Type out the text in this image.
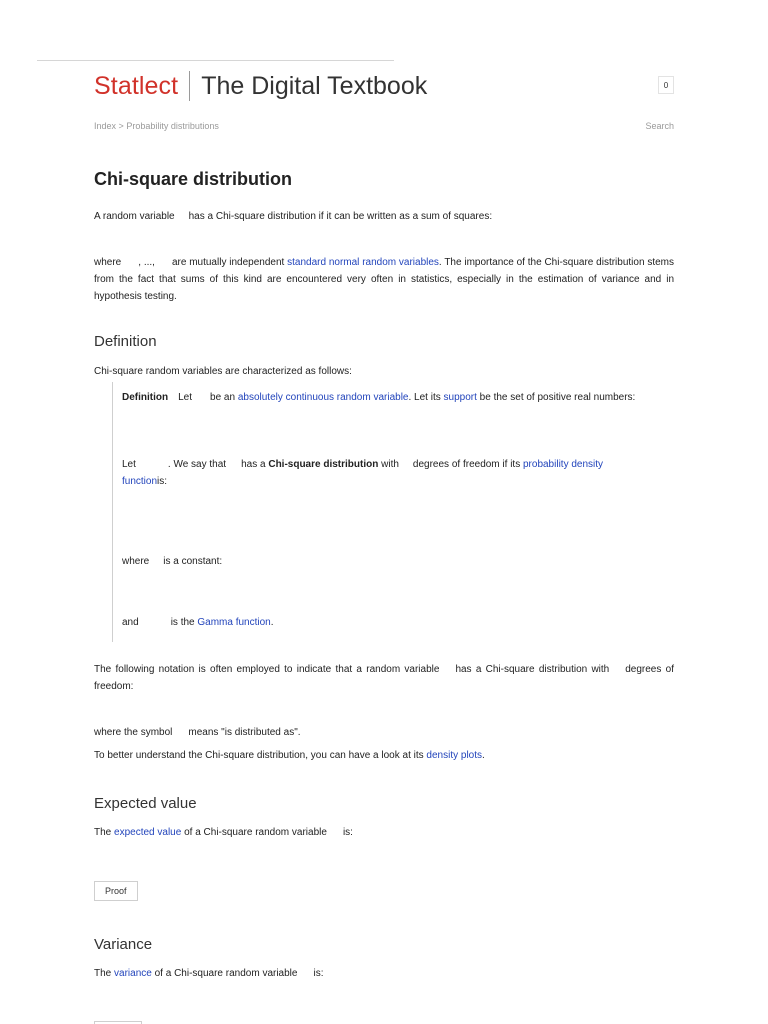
Statlect The Digital Textbook	0
Index > Probability distributions	Search
Chi-square distribution

A random variable has a Chi-square distribution if it can be written as a sum of squares:

where , ..., are mutually independent standard normal random variables. The importance of the Chi-square distribution stems from the fact that sums of this kind are encountered very often in statistics, especially in the estimation of variance and in hypothesis testing.

Definition

Chi-square random variables are characterized as follows:

Definition Let be an absolutely continuous random variable. Let its support be the set of positive real numbers:

Let	. We say that has a Chi-square distribution with degrees of freedom if its probability density functionis:

where is a constant:

and	is the Gamma function.

The following notation is often employed to indicate that a random variable has a Chi-square distribution with degrees of freedom:

where the symbol means "is distributed as".

To better understand the Chi-square distribution, you can have a look at its density plots.

Expected value

The expected value of a Chi-square random variable is:

Proof
Variance

The variance of a Chi-square random variable is:
